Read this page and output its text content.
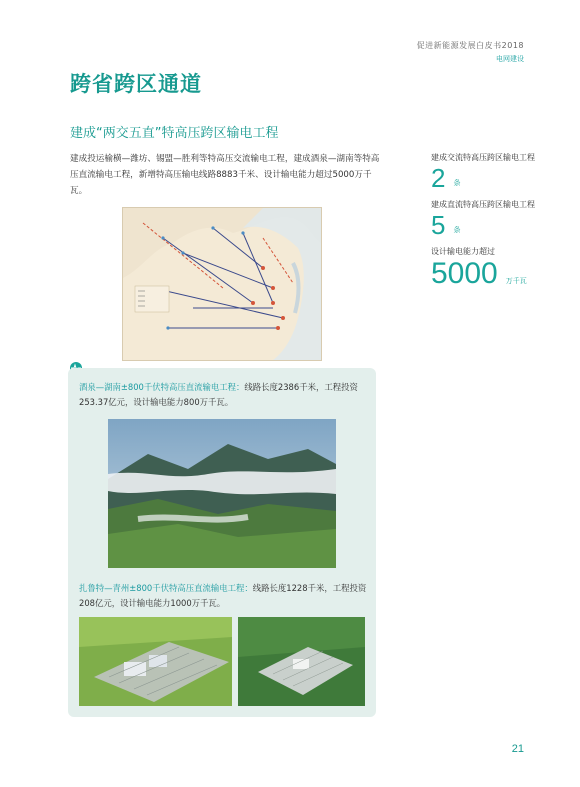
促进新能源发展白皮书2018
电网建设
跨省跨区通道
建成“两交五直”特高压跨区输电工程
建成投运榆横—潍坊、锡盟—胜利等特高压交流输电工程，建成酒泉—湖南等特高压直流输电工程，新增特高压输电线路8883千米、设计输电能力超过5000万千瓦。
建成交流特高压跨区输电工程
2 条
建成直流特高压跨区输电工程
5 条
设计输电能力超过
5000 万千瓦
酒泉—湖南±800千伏特高压直流输电工程：线路长度2386千米，工程投资253.37亿元，设计输电能力800万千瓦。
扎鲁特—青州±800千伏特高压直流输电工程：线路长度1228千米，工程投资208亿元，设计输电能力1000万千瓦。
21
